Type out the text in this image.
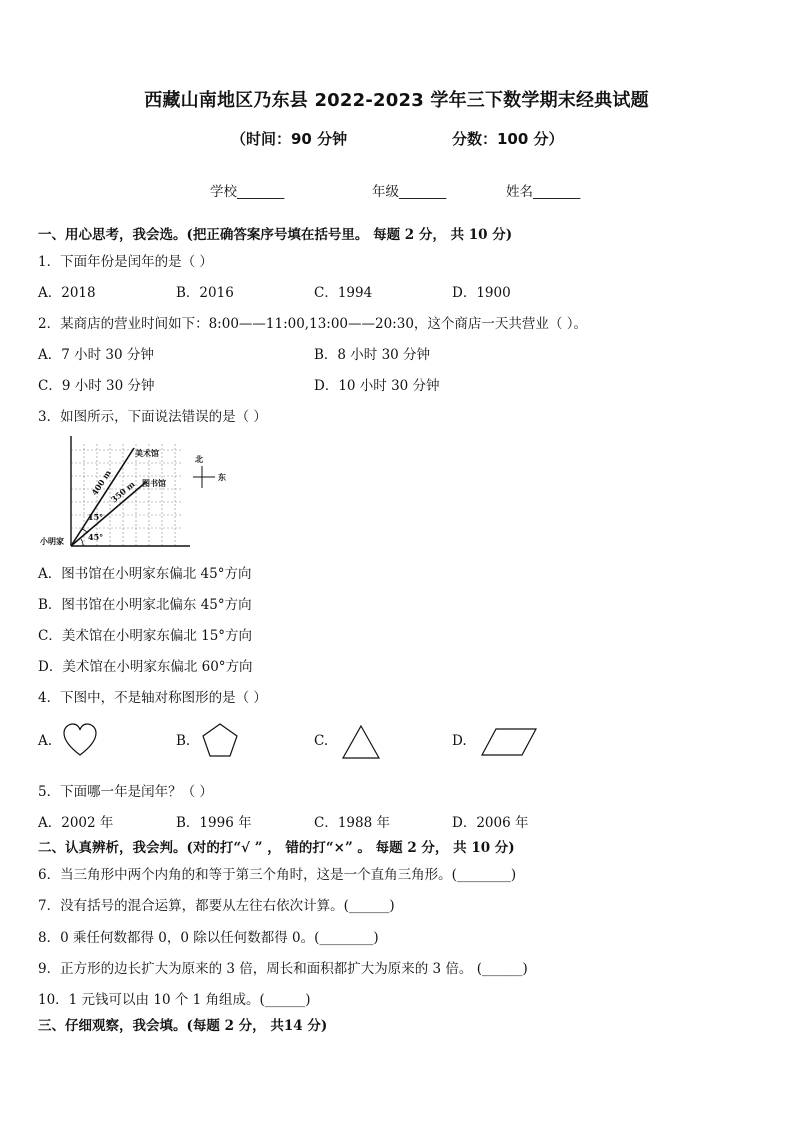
西藏山南地区乃东县 2022-2023 学年三下数学期末经典试题
（时间：90 分钟	分数：100 分）
学校_______	年级_______	姓名_______
一、用心思考，我会选。(把正确答案序号填在括号里。 每题 2 分， 共 10 分)
1．下面年份是闰年的是（ ）
A．2018	B．2016	C．1994	D．1900
2．某商店的营业时间如下：8:00——11:00,13:00——20:30，这个商店一天共营业（ ）。
A．7 小时 30 分钟	B．8 小时 30 分钟
C．9 小时 30 分钟	D．10 小时 30 分钟
3．如图所示，下面说法错误的是（ ）
美术馆
图书馆
小明家
400 m
350 m
15°
45°
北
东
A．图书馆在小明家东偏北 45°方向
B．图书馆在小明家北偏东 45°方向
C．美术馆在小明家东偏北 15°方向
D．美术馆在小明家东偏北 60°方向
4．下图中，不是轴对称图形的是（ ）
A.	B.	C.	D.
5．下面哪一年是闰年？（ ）
A．2002 年	B．1996 年	C．1988 年	D．2006 年
二、认真辨析，我会判。(对的打“√ ” ， 错的打“×” 。 每题 2 分， 共 10 分)
6．当三角形中两个内角的和等于第三个角时，这是一个直角三角形。(________)
7．没有括号的混合运算，都要从左往右依次计算。(______)
8．0 乘任何数都得 0，0 除以任何数都得 0。(________)
9．正方形的边长扩大为原来的 3 倍，周长和面积都扩大为原来的 3 倍。 (______)
10．1 元钱可以由 10 个 1 角组成。(______)
三、仔细观察，我会填。(每题 2 分， 共14 分)
